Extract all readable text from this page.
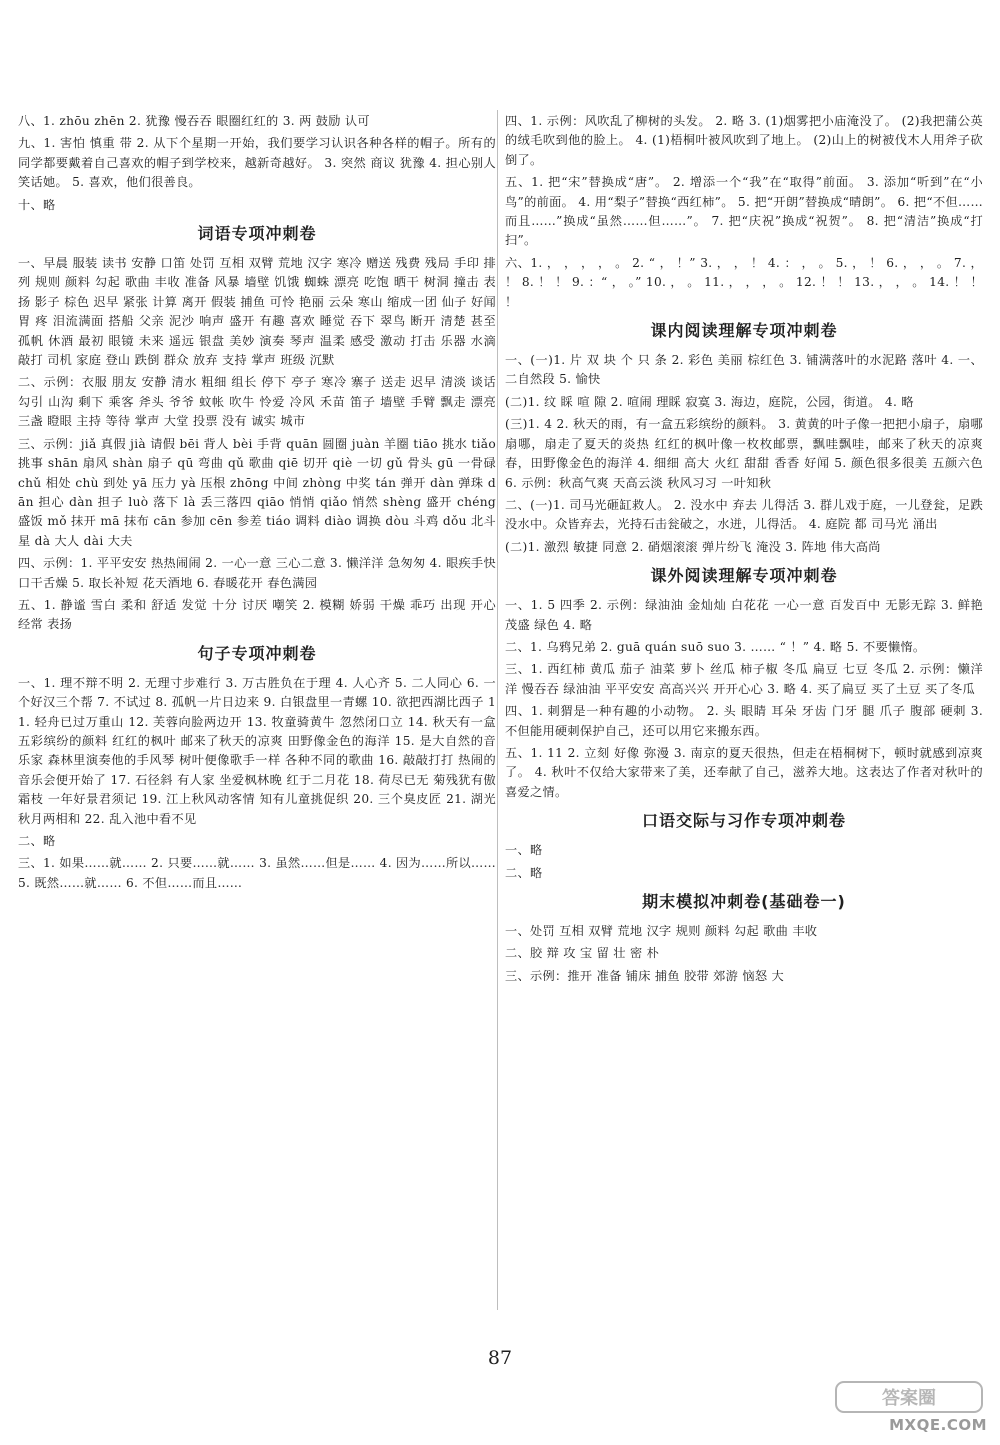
八、1. zhōu zhēn 2. 犹豫 慢吞吞 眼圈红红的 3. 两 鼓励 认可
九、1. 害怕 慎重 带 2. 从下个星期一开始，我们要学习认识各种各样的帽子。所有的同学都要戴着自己喜欢的帽子到学校来，越新奇越好。 3. 突然 商议 犹豫 4. 担心别人笑话她。 5. 喜欢，他们很善良。
十、略
词语专项冲刺卷
一、早晨 服装 读书 安静 口笛 处罚 互相 双臂 荒地 汉字 寒冷 赠送 残费 残局 手印 排列 规则 颜料 勾起 歌曲 丰收 准备 风暴 墙壁 饥饿 蜘蛛 漂亮 吃饱 晒干 树洞 撞击 表扬 影子 棕色 迟早 紧张 计算 离开 假装 捕鱼 可怜 艳丽 云朵 寒山 缩成一团 仙子 好闻 胃 疼 泪流满面 搭船 父亲 泥沙 响声 盛开 有趣 喜欢 睡觉 吞下 翠鸟 断开 清楚 甚至 孤帆 休酒 最初 眼镜 未来 遥远 银盘 美妙 演奏 琴声 温柔 感受 激动 打击 乐器 水滴 敲打 司机 家庭 登山 跌倒 群众 放弃 支持 掌声 班级 沉默
二、示例：衣服 朋友 安静 清水 粗细 组长 停下 亭子 寒冷 寨子 送走 迟早 清淡 谈话 勾引 山沟 剩下 乘客 斧头 爷爷 蚊帐 吹牛 怜爱 冷风 禾苗 笛子 墙壁 手臂 飘走 漂亮 三盏 瞪眼 主持 等待 掌声 大堂 投票 没有 诚实 城市
三、示例：jiǎ 真假 jià 请假 bēi 背人 bèi 手背 quān 圆圈 juàn 羊圈 tiāo 挑水 tiǎo 挑事 shān 扇风 shàn 扇子 qū 弯曲 qǔ 歌曲 qiē 切开 qiè 一切 gǔ 骨头 gū 一骨碌 chǔ 相处 chù 到处 yā 压力 yà 压根 zhōng 中间 zhòng 中奖 tán 弹开 dàn 弹珠 dān 担心 dàn 担子 luò 落下 là 丢三落四 qiāo 悄悄 qiǎo 悄然 shèng 盛开 chéng 盛饭 mǒ 抹开 mā 抹布 cān 参加 cēn 参差 tiáo 调料 diào 调换 dòu 斗鸡 dǒu 北斗星 dà 大人 dài 大夫
四、示例：1. 平平安安 热热闹闹 2. 一心一意 三心二意 3. 懒洋洋 急匆匆 4. 眼疾手快 口干舌燥 5. 取长补短 花天酒地 6. 春暖花开 春色满园
五、1. 静谧 雪白 柔和 舒适 发觉 十分 讨厌 嘲笑 2. 模糊 娇弱 干燥 乖巧 出现 开心 经常 表扬
句子专项冲刺卷
一、1. 理不辩不明 2. 无理寸步难行 3. 万古胜负在于理 4. 人心齐 5. 二人同心 6. 一个好汉三个帮 7. 不试过 8. 孤帆一片日边来 9. 白银盘里一青螺 10. 欲把西湖比西子 11. 轻舟已过万重山 12. 芙蓉向脸两边开 13. 牧童骑黄牛 忽然闭口立 14. 秋天有一盒五彩缤纷的颜料 红红的枫叶 邮来了秋天的凉爽 田野像金色的海洋 15. 是大自然的音乐家 森林里演奏他的手风琴 树叶便像歌手一样 各种不同的歌曲 16. 敲敲打打 热闹的音乐会便开始了 17. 石径斜 有人家 坐爱枫林晚 红于二月花 18. 荷尽已无 菊残犹有傲霜枝 一年好景君须记 19. 江上秋风动客情 知有儿童挑促织 20. 三个臭皮匠 21. 湖光秋月两相和 22. 乱入池中看不见
二、略
三、1. 如果……就…… 2. 只要……就…… 3. 虽然……但是…… 4. 因为……所以…… 5. 既然……就…… 6. 不但……而且……
四、1. 示例：风吹乱了柳树的头发。 2. 略 3. (1)烟雾把小庙淹没了。 (2)我把蒲公英的绒毛吹到他的脸上。 4. (1)梧桐叶被风吹到了地上。 (2)山上的树被伐木人用斧子砍倒了。
五、1. 把“宋”替换成“唐”。 2. 增添一个“我”在“取得”前面。 3. 添加“听到”在“小鸟”的前面。 4. 用“梨子”替换“西红柿”。 5. 把“开朗”替换成“晴朗”。 6. 把“不但……而且……”换成“虽然……但……”。 7. 把“庆祝”换成“祝贺”。 8. 把“清洁”换成“打扫”。
六、1. ， ， ， ， 。 2. “ ， ！” 3. ， ， ！ 4. ： ， 。 5. ， ！ 6. ， ， 。 7. ， ！ 8. ！ ！ 9. ：“ ， 。” 10. ， 。 11. ， ， ， 。 12. ！ ！ 13. ， ， 。 14. ！ ！ ！
课内阅读理解专项冲刺卷
一、(一)1. 片 双 块 个 只 条 2. 彩色 美丽 棕红色 3. 铺满落叶的水泥路 落叶 4. 一、二自然段 5. 愉快
(二)1. 纹 睬 喧 隙 2. 喧闹 理睬 寂寞 3. 海边，庭院，公园，街道。 4. 略
(三)1. 4 2. 秋天的雨，有一盒五彩缤纷的颜料。 3. 黄黄的叶子像一把把小扇子，扇哪扇哪，扇走了夏天的炎热 红红的枫叶像一枚枚邮票，飘哇飘哇，邮来了秋天的凉爽 春，田野像金色的海洋 4. 细细 高大 火红 甜甜 香香 好闻 5. 颜色很多很美 五颜六色 6. 示例：秋高气爽 天高云淡 秋风习习 一叶知秋
二、(一)1. 司马光砸缸救人。 2. 没水中 弃去 儿得活 3. 群儿戏于庭，一儿登瓮，足跌没水中。众皆弃去，光持石击瓮破之，水迸，儿得活。 4. 庭院 都 司马光 涌出
(二)1. 激烈 敏捷 同意 2. 硝烟滚滚 弹片纷飞 淹没 3. 阵地 伟大高尚
课外阅读理解专项冲刺卷
一、1. 5 四季 2. 示例：绿油油 金灿灿 白花花 一心一意 百发百中 无影无踪 3. 鲜艳 茂盛 绿色 4. 略
二、1. 乌鸦兄弟 2. guā quán suō suo 3. …… “ ！” 4. 略 5. 不要懒惰。
三、1. 西红柿 黄瓜 茄子 油菜 萝卜 丝瓜 柿子椒 冬瓜 扁豆 七豆 冬瓜 2. 示例：懒洋洋 慢吞吞 绿油油 平平安安 高高兴兴 开开心心 3. 略 4. 买了扁豆 买了土豆 买了冬瓜
四、1. 刺猬是一种有趣的小动物。 2. 头 眼睛 耳朵 牙齿 门牙 腿 爪子 腹部 硬刺 3. 不但能用硬刺保护自己，还可以用它来搬东西。
五、1. 11 2. 立刻 好像 弥漫 3. 南京的夏天很热，但走在梧桐树下，顿时就感到凉爽了。 4. 秋叶不仅给大家带来了美，还奉献了自己，滋养大地。这表达了作者对秋叶的喜爱之情。
口语交际与习作专项冲刺卷
一、略
二、略
期末模拟冲刺卷(基础卷一)
一、处罚 互相 双臂 荒地 汉字 规则 颜料 勾起 歌曲 丰收
二、胶 辩 攻 宝 留 壮 密 朴
三、示例：推开 准备 铺床 捕鱼 胶带 郊游 恼怒 大
87
答案圈
MXQE.COM
